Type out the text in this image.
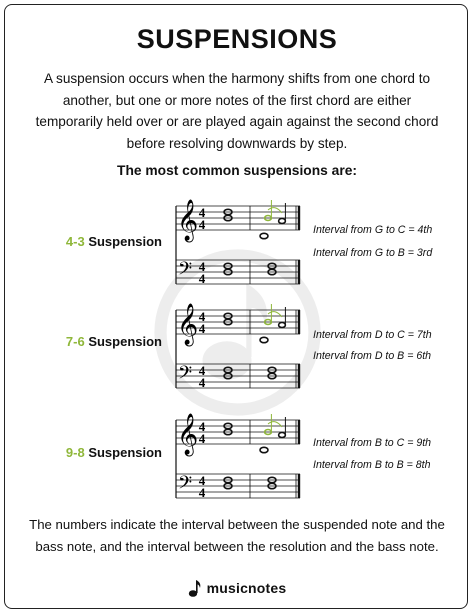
SUSPENSIONS
A suspension occurs when the harmony shifts from one chord to another, but one or more notes of the first chord are either temporarily held over or are played again against the second chord before resolving downwards by step.
The most common suspensions are:
4-3 Suspension
𝄞
𝄢
4
4
4
4
Interval from G to C = 4th
Interval from G to B = 3rd
7-6 Suspension 𝄞
𝄢
4
4
4
4
Interval from D to C = 7th
Interval from D to B = 6th
9-8 Suspension 𝄞
𝄢
4
4
4
4
Interval from B to C = 9th
Interval from B to B = 8th
The numbers indicate the interval between the suspended note and the bass note, and the interval between the resolution and the bass note.
musicnotes
